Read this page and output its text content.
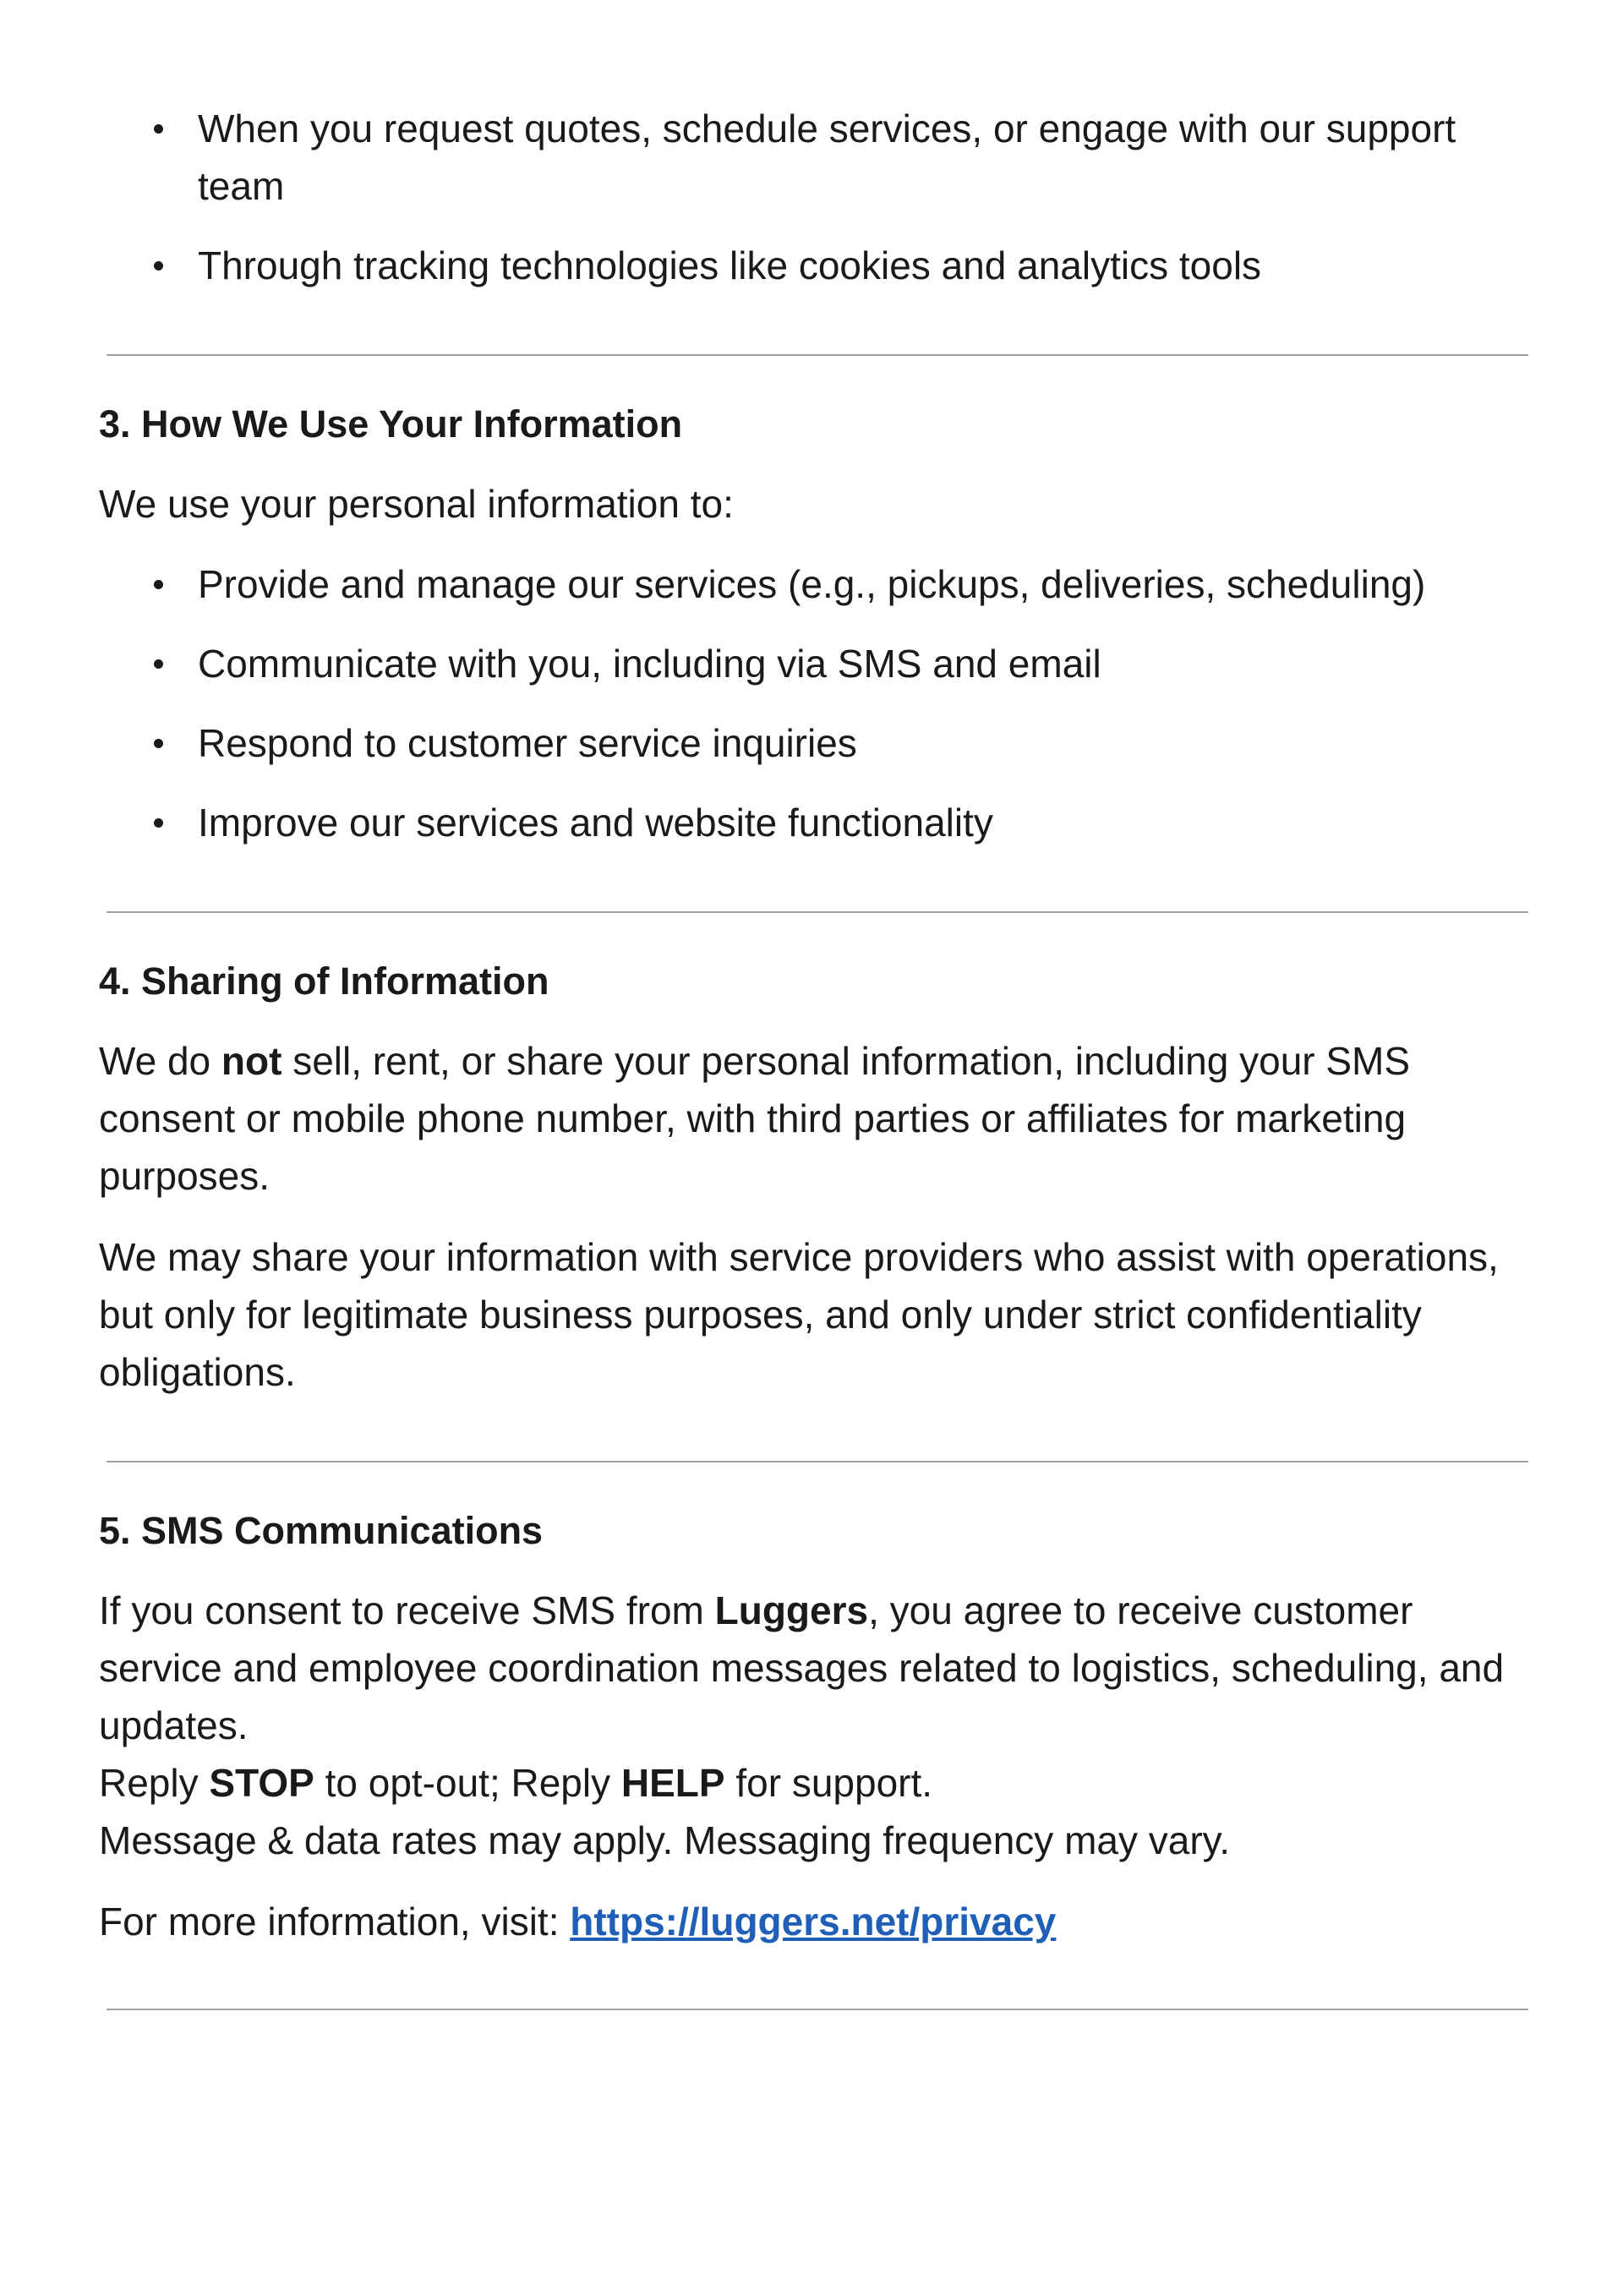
When you request quotes, schedule services, or engage with our support team
Through tracking technologies like cookies and analytics tools
3. How We Use Your Information

We use your personal information to:

Provide and manage our services (e.g., pickups, deliveries, scheduling)
Communicate with you, including via SMS and email
Respond to customer service inquiries
Improve our services and website functionality
4. Sharing of Information

We do not sell, rent, or share your personal information, including your SMS consent or mobile phone number, with third parties or affiliates for marketing purposes.

We may share your information with service providers who assist with operations, but only for legitimate business purposes, and only under strict confidentiality obligations.

5. SMS Communications
If you consent to receive SMS from Luggers, you agree to receive customer service and employee coordination messages related to logistics, scheduling, and updates.
Reply STOP to opt-out; Reply HELP for support.
Message & data rates may apply. Messaging frequency may vary.

For more information, visit: https://luggers.net/privacy
